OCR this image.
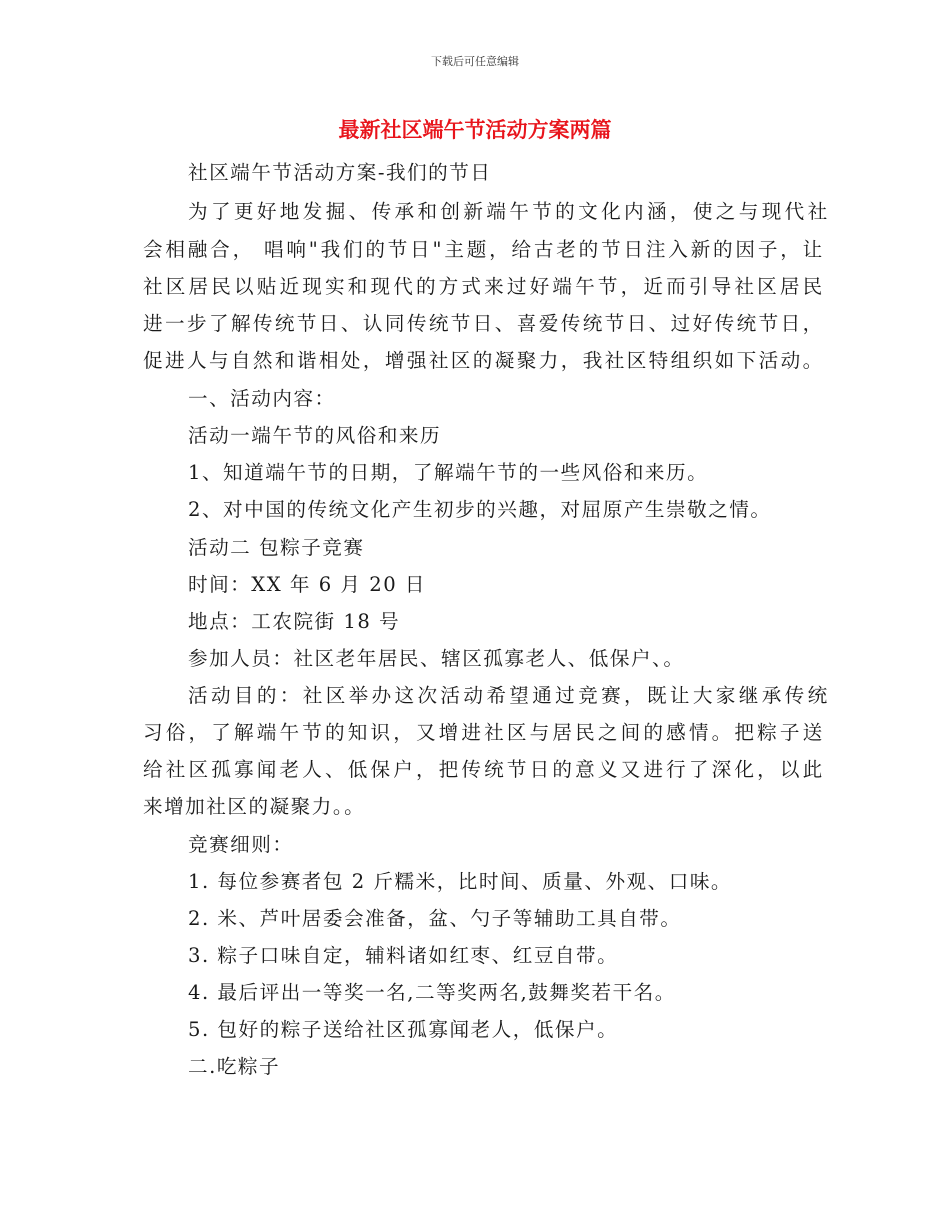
下载后可任意编辑
最新社区端午节活动方案两篇
社区端午节活动方案-我们的节日
为了更好地发掘、传承和创新端午节的文化内涵，使之与现代社
会相融合， 唱响"我们的节日"主题，给古老的节日注入新的因子，让
社区居民以贴近现实和现代的方式来过好端午节，近而引导社区居民
进一步了解传统节日、认同传统节日、喜爱传统节日、过好传统节日，
促进人与自然和谐相处，增强社区的凝聚力，我社区特组织如下活动。
一、活动内容：
活动一端午节的风俗和来历
1、知道端午节的日期，了解端午节的一些风俗和来历。
2、对中国的传统文化产生初步的兴趣，对屈原产生崇敬之情。
活动二 包粽子竞赛
时间：XX 年 6 月 20 日
地点：工农院街 18 号
参加人员：社区老年居民、辖区孤寡老人、低保户、。
活动目的：社区举办这次活动希望通过竞赛，既让大家继承传统
习俗，了解端午节的知识，又增进社区与居民之间的感情。把粽子送
给社区孤寡闻老人、低保户，把传统节日的意义又进行了深化，以此
来增加社区的凝聚力。。
竞赛细则：
1. 每位参赛者包 2 斤糯米，比时间、质量、外观、口味。
2. 米、芦叶居委会准备，盆、勺子等辅助工具自带。
3. 粽子口味自定，辅料诸如红枣、红豆自带。
4. 最后评出一等奖一名,二等奖两名,鼓舞奖若干名。
5. 包好的粽子送给社区孤寡闻老人，低保户。
二.吃粽子
